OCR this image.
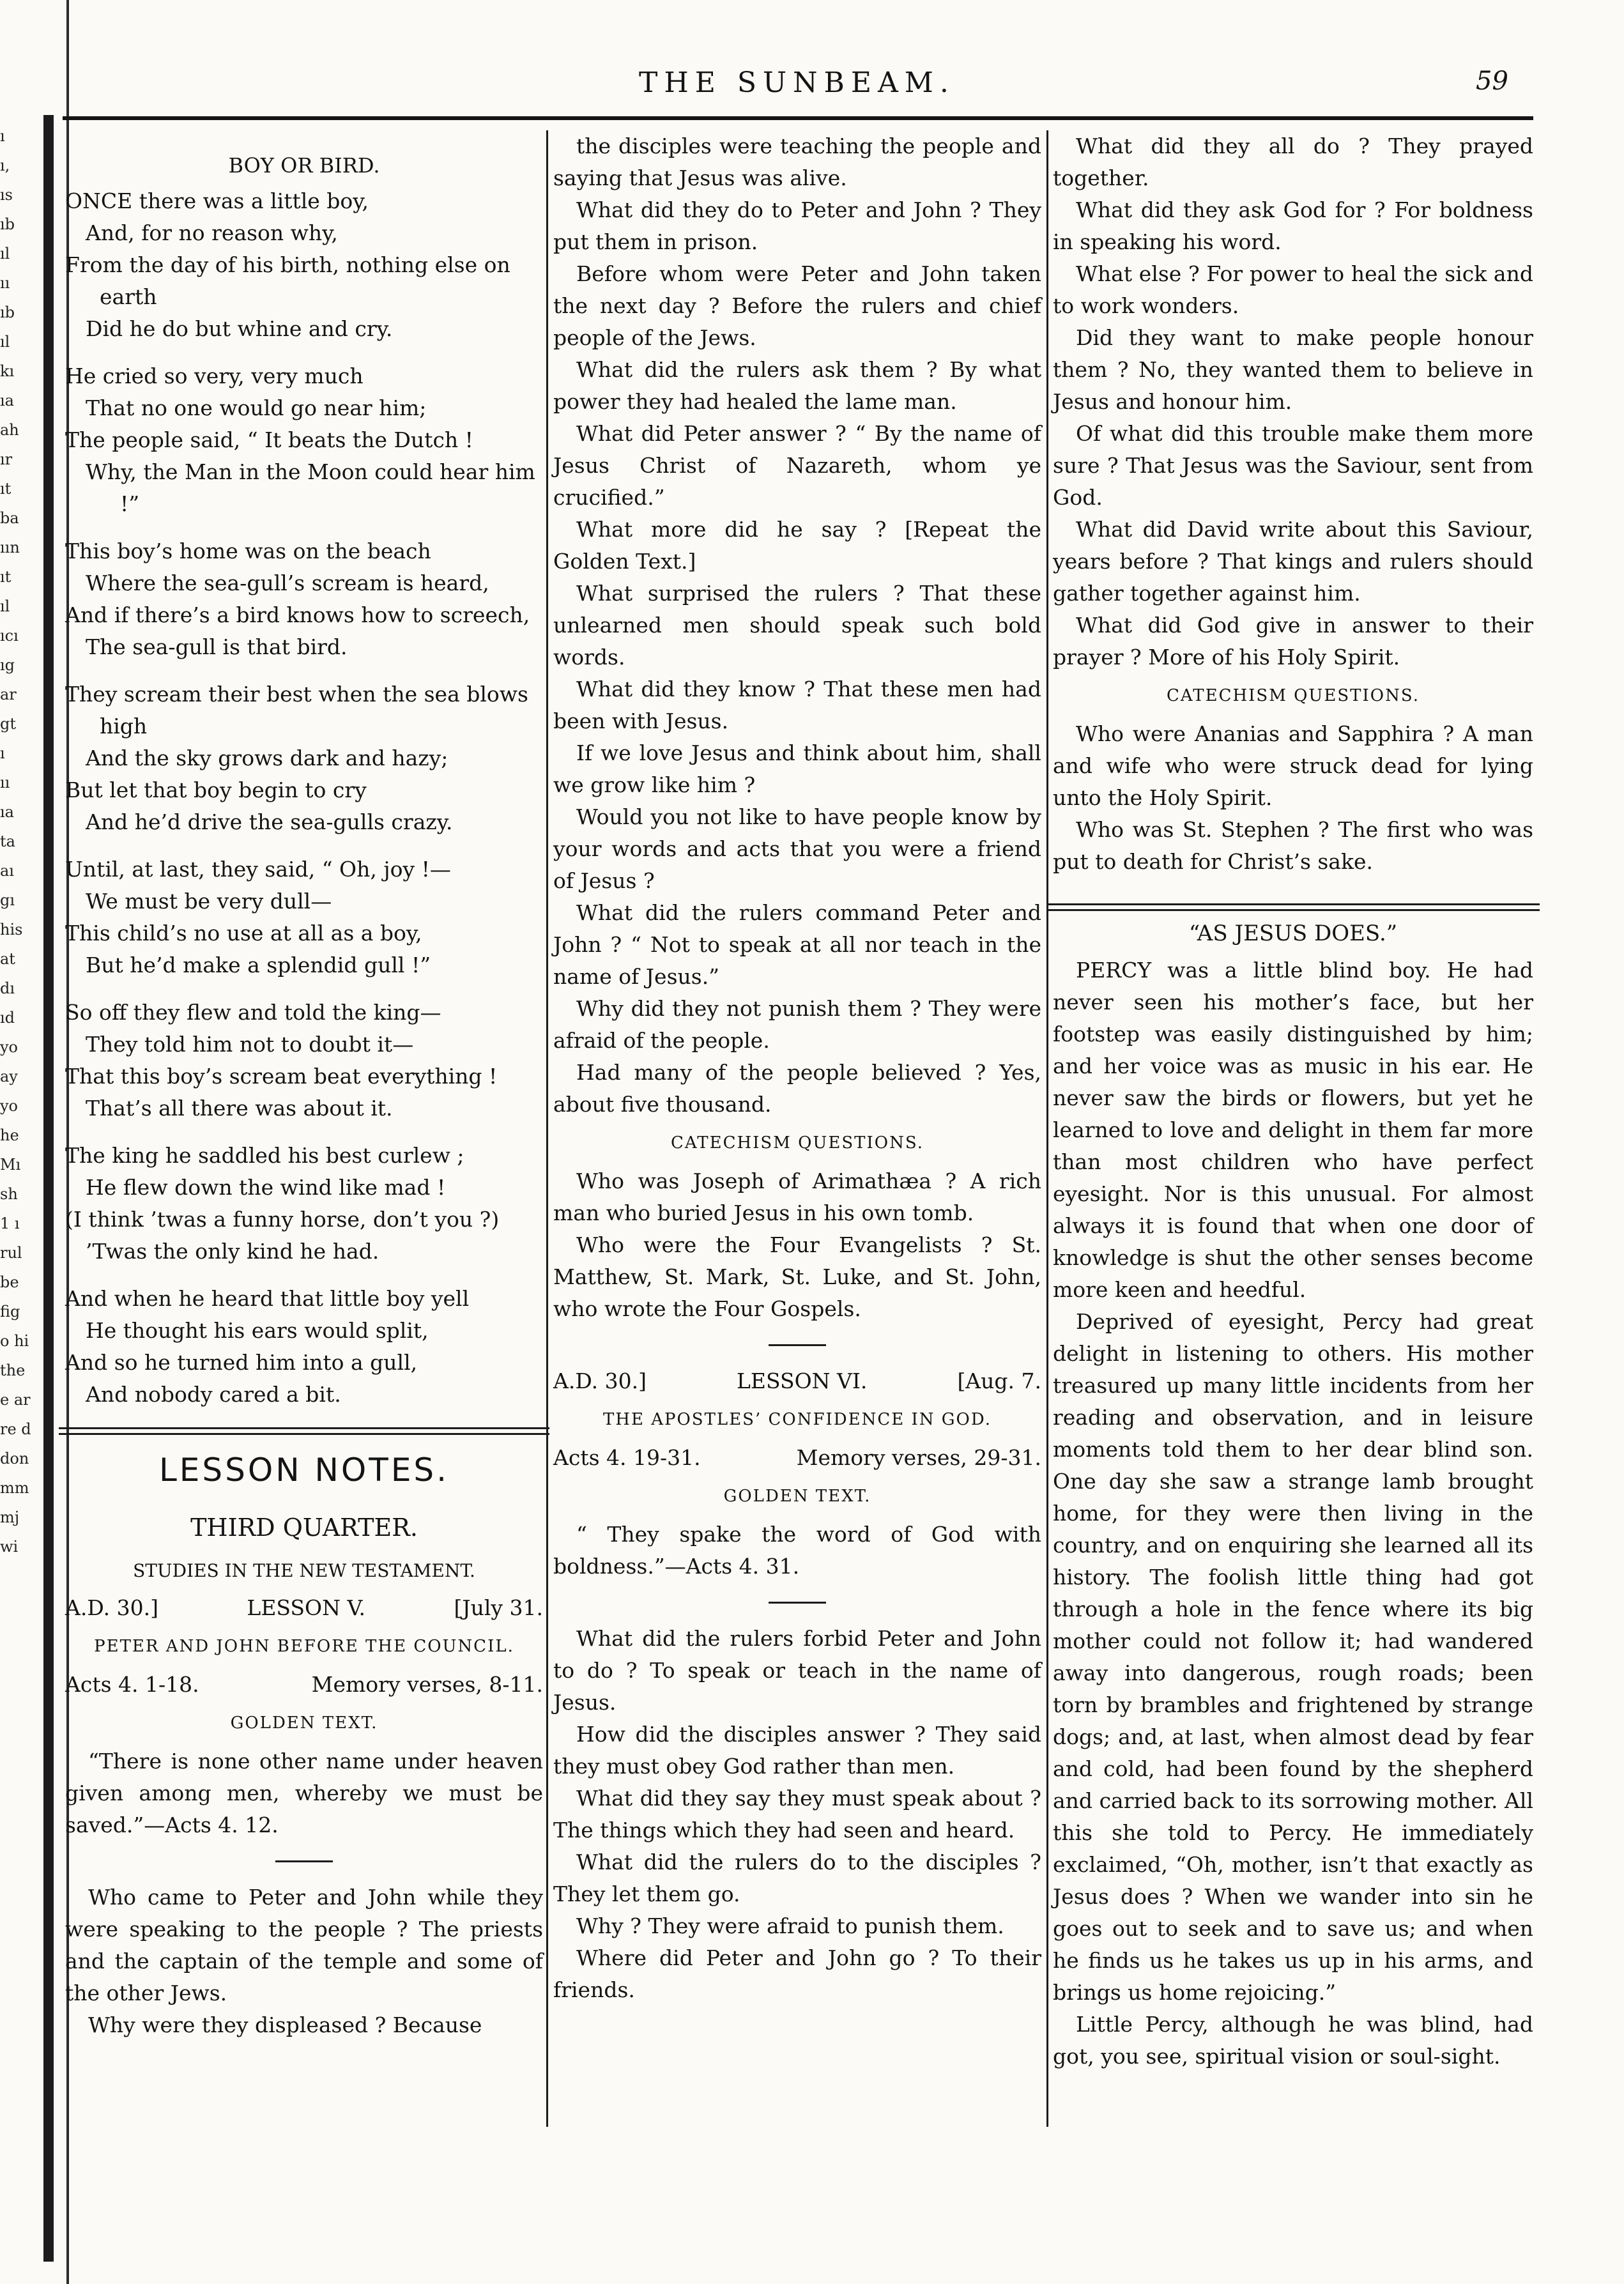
ı
ı,
ıs
ıb
ıl
ıı
ıb
ıl
kı
ıa
ah
ır
ıt
ba
ıın
ıt
ıl
ıcı
ıg
ar
gt
ı
ıı
ıa
ta
aı
gı
his
at
dı
ıd
yo
ay
yo
he
Mı
sh
1 ı
rul
be
fig
o hi
the
e ar
re d
don
mm
mj
wi
THE SUNBEAM.	59
BOY OR BIRD.
ONCE there was a little boy,
And, for no reason why,
From the day of his birth, nothing else on earth
Did he do but whine and cry.
He cried so very, very much
That no one would go near him;
The people said, “ It beats the Dutch !
Why, the Man in the Moon could hear him !”
This boy’s home was on the beach
Where the sea-gull’s scream is heard,
And if there’s a bird knows how to screech,
The sea-gull is that bird.
They scream their best when the sea blows high
And the sky grows dark and hazy;
But let that boy begin to cry
And he’d drive the sea-gulls crazy.
Until, at last, they said, “ Oh, joy !—
We must be very dull—
This child’s no use at all as a boy,
But he’d make a splendid gull !”
So off they flew and told the king—
They told him not to doubt it—
That this boy’s scream beat everything !
That’s all there was about it.
The king he saddled his best curlew ;
He flew down the wind like mad !
(I think ’twas a funny horse, don’t you ?)
’Twas the only kind he had.
And when he heard that little boy yell
He thought his ears would split,
And so he turned him into a gull,
And nobody cared a bit.
LESSON NOTES.
THIRD QUARTER.
STUDIES IN THE NEW TESTAMENT.
A.D. 30.]	LESSON V.	[July 31.
PETER AND JOHN BEFORE THE COUNCIL.
Acts 4. 1-18.	Memory verses, 8-11.
GOLDEN TEXT.

“There is none other name under heaven given among men, whereby we must be saved.”—Acts 4. 12.

Who came to Peter and John while they were speaking to the people ? The priests and the captain of the temple and some of the other Jews.

Why were they displeased ? Because

the disciples were teaching the people and saying that Jesus was alive.

What did they do to Peter and John ? They put them in prison.

Before whom were Peter and John taken the next day ? Before the rulers and chief people of the Jews.

What did the rulers ask them ? By what power they had healed the lame man.

What did Peter answer ? “ By the name of Jesus Christ of Nazareth, whom ye crucified.”

What more did he say ? [Repeat the Golden Text.]

What surprised the rulers ? That these unlearned men should speak such bold words.

What did they know ? That these men had been with Jesus.

If we love Jesus and think about him, shall we grow like him ?

Would you not like to have people know by your words and acts that you were a friend of Jesus ?

What did the rulers command Peter and John ? “ Not to speak at all nor teach in the name of Jesus.”

Why did they not punish them ? They were afraid of the people.

Had many of the people believed ? Yes, about five thousand.

CATECHISM QUESTIONS.

Who was Joseph of Arimathæa ? A rich man who buried Jesus in his own tomb.

Who were the Four Evangelists ? St. Matthew, St. Mark, St. Luke, and St. John, who wrote the Four Gospels.

A.D. 30.]	LESSON VI.	[Aug. 7.
THE APOSTLES’ CONFIDENCE IN GOD.
Acts 4. 19-31.	Memory verses, 29-31.
GOLDEN TEXT.

“ They spake the word of God with boldness.”—Acts 4. 31.

What did the rulers forbid Peter and John to do ? To speak or teach in the name of Jesus.

How did the disciples answer ? They said they must obey God rather than men.

What did they say they must speak about ? The things which they had seen and heard.

What did the rulers do to the disciples ? They let them go.

Why ? They were afraid to punish them.

Where did Peter and John go ? To their friends.

What did they all do ? They prayed together.

What did they ask God for ? For boldness in speaking his word.

What else ? For power to heal the sick and to work wonders.

Did they want to make people honour them ? No, they wanted them to believe in Jesus and honour him.

Of what did this trouble make them more sure ? That Jesus was the Saviour, sent from God.

What did David write about this Saviour, years before ? That kings and rulers should gather together against him.

What did God give in answer to their prayer ? More of his Holy Spirit.

CATECHISM QUESTIONS.

Who were Ananias and Sapphira ? A man and wife who were struck dead for lying unto the Holy Spirit.

Who was St. Stephen ? The first who was put to death for Christ’s sake.

“AS JESUS DOES.”

PERCY was a little blind boy. He had never seen his mother’s face, but her footstep was easily distinguished by him; and her voice was as music in his ear. He never saw the birds or flowers, but yet he learned to love and delight in them far more than most children who have perfect eyesight. Nor is this unusual. For almost always it is found that when one door of knowledge is shut the other senses become more keen and heedful.

Deprived of eyesight, Percy had great delight in listening to others. His mother treasured up many little incidents from her reading and observation, and in leisure moments told them to her dear blind son. One day she saw a strange lamb brought home, for they were then living in the country, and on enquiring she learned all its history. The foolish little thing had got through a hole in the fence where its big mother could not follow it; had wandered away into dangerous, rough roads; been torn by brambles and frightened by strange dogs; and, at last, when almost dead by fear and cold, had been found by the shepherd and carried back to its sorrowing mother. All this she told to Percy. He immediately exclaimed, “Oh, mother, isn’t that exactly as Jesus does ? When we wander into sin he goes out to seek and to save us; and when he finds us he takes us up in his arms, and brings us home rejoicing.”

Little Percy, although he was blind, had got, you see, spiritual vision or soul-sight.
